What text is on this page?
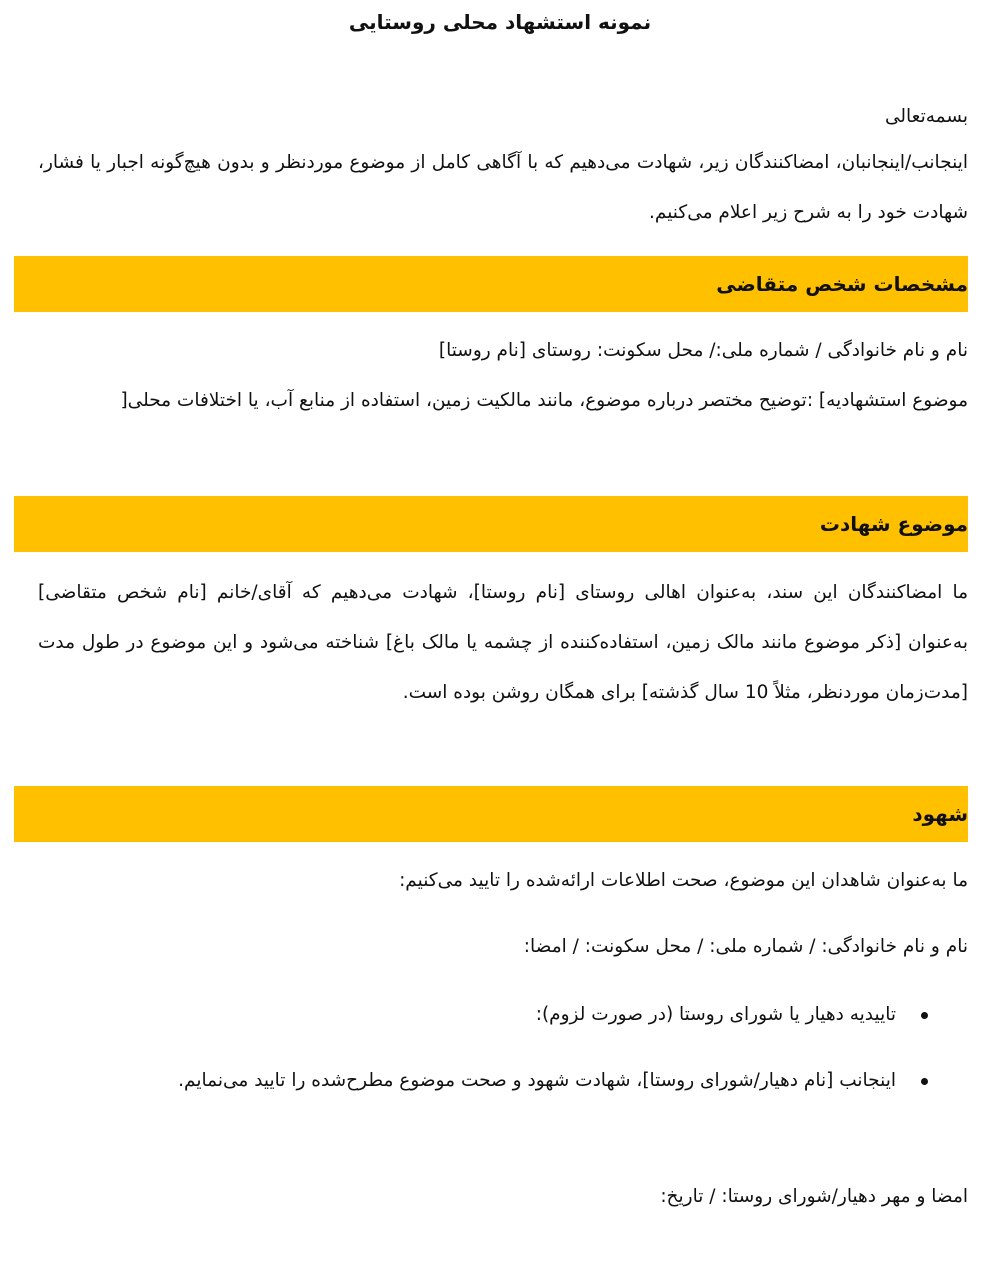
نمونه استشهاد محلی روستایی
بسمه‌تعالی
اینجانب/اینجانبان، امضاکنندگان زیر، شهادت می‌دهیم که با آگاهی کامل از موضوع موردنظر و بدون هیچ‌گونه اجبار یا فشار، شهادت خود را به شرح زیر اعلام می‌کنیم.
مشخصات شخص متقاضی
نام و نام خانوادگی / شماره ملی:/ محل سکونت: روستای [نام روستا]
موضوع استشهادیه] :توضیح مختصر درباره موضوع، مانند مالکیت زمین، استفاده از منابع آب، یا اختلافات محلی[
موضوع شهادت
ما امضاکنندگان این سند، به‌عنوان اهالی روستای [نام روستا]، شهادت می‌دهیم که آقای/خانم [نام شخص متقاضی] به‌عنوان [ذکر موضوع مانند مالک زمین، استفاده‌کننده از چشمه یا مالک باغ] شناخته می‌شود و این موضوع در طول مدت [مدت‌زمان موردنظر، مثلاً 10 سال گذشته] برای همگان روشن بوده است.
شهود
ما به‌عنوان شاهدان این موضوع، صحت اطلاعات ارائه‌شده را تایید می‌کنیم:
نام و نام خانوادگی: / شماره ملی: / محل سکونت: / امضا:
تاییدیه دهیار یا شورای روستا (در صورت لزوم):
اینجانب [نام دهیار/شورای روستا]، شهادت شهود و صحت موضوع مطرح‌شده را تایید می‌نمایم.
امضا و مهر دهیار/شورای روستا: / تاریخ:
